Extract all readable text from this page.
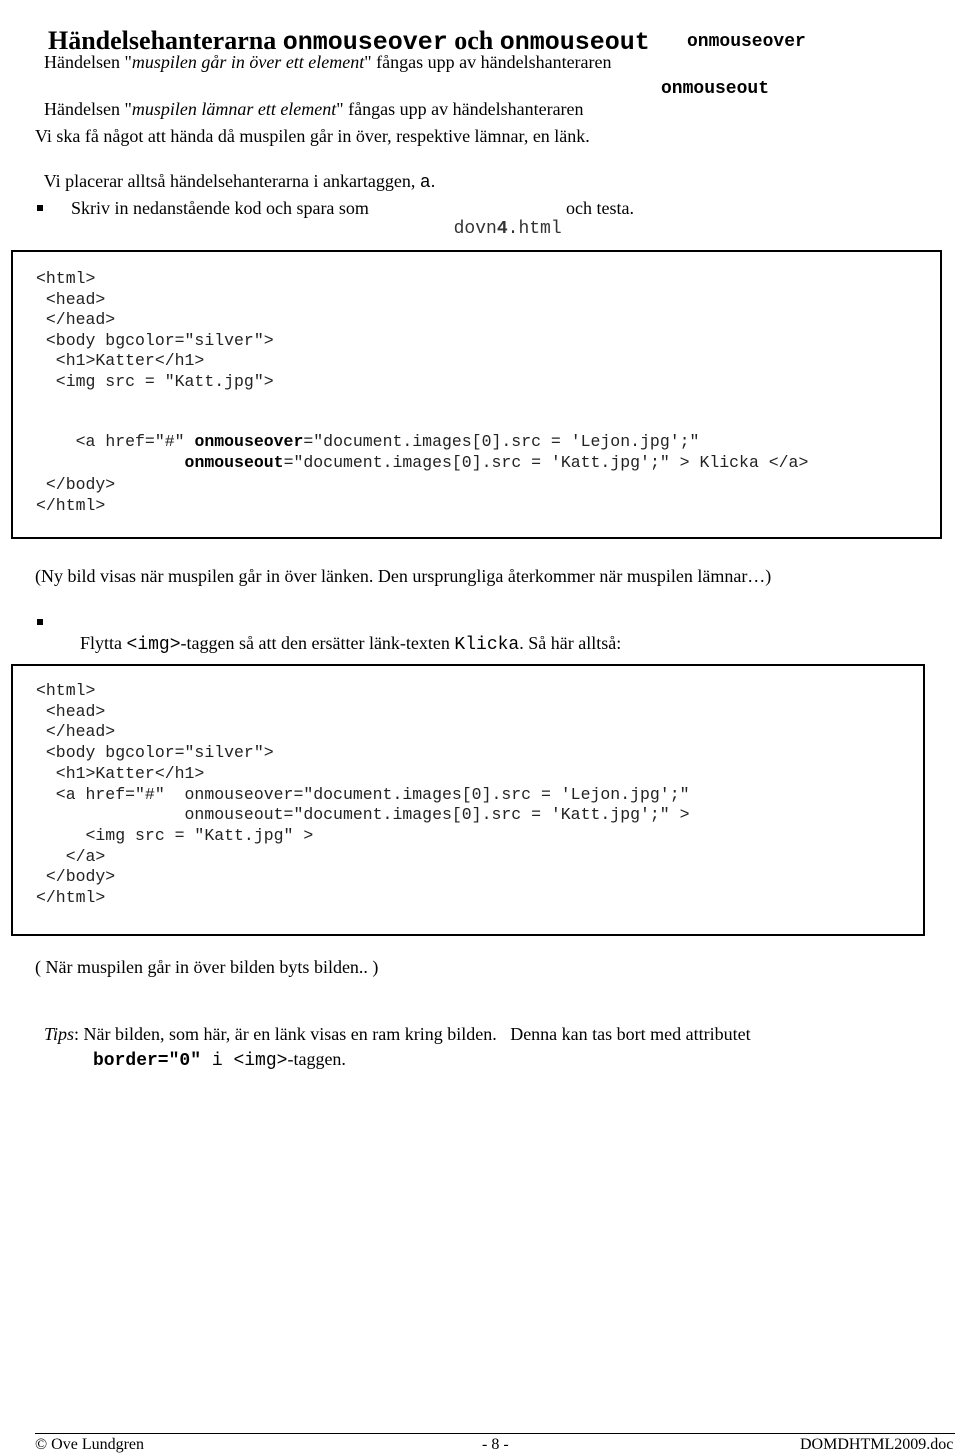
Händelsehanterarna onmouseover och onmouseout

Händelsen "muspilen går in över ett element" fångas upp av händelshanteraren

onmouseover

Händelsen "muspilen lämnar ett element" fångas upp av händelshanteraren

onmouseout
Vi ska få något att hända då muspilen går in över, respektive lämnar, en länk.

Vi placerar alltså händelsehanterarna i ankartaggen, a.

Skriv in nedanstående kod och spara som

dovn4.html

och testa.
<html>
<head>
</head>
<body bgcolor="silver">
<h1>Katter</h1>
<img src = "Katt.jpg">

<a href="#" onmouseover="document.images[0].src = 'Lejon.jpg';"

onmouseout="document.images[0].src = 'Katt.jpg';" > Klicka </a>

</body>
</html>
(Ny bild visas när muspilen går in över länken. Den ursprungliga återkommer när muspilen lämnar…)

Flytta <img>-taggen så att den ersätter länk-texten Klicka. Så här alltså:

<html>
<head>
</head>
<body bgcolor="silver">
<h1>Katter</h1>
<a href="#"  onmouseover="document.images[0].src = 'Lejon.jpg';"
onmouseout="document.images[0].src = 'Katt.jpg';" >
<img src = "Katt.jpg" >
</a>
</body>
</html>
( När muspilen går in över bilden byts bilden.. )

Tips: När bilden, som här, är en länk visas en ram kring bilden.   Denna kan tas bort med attributet

border="0" i <img>-taggen.

© Ove Lundgren	- 8 -	DOMDHTML2009.doc
